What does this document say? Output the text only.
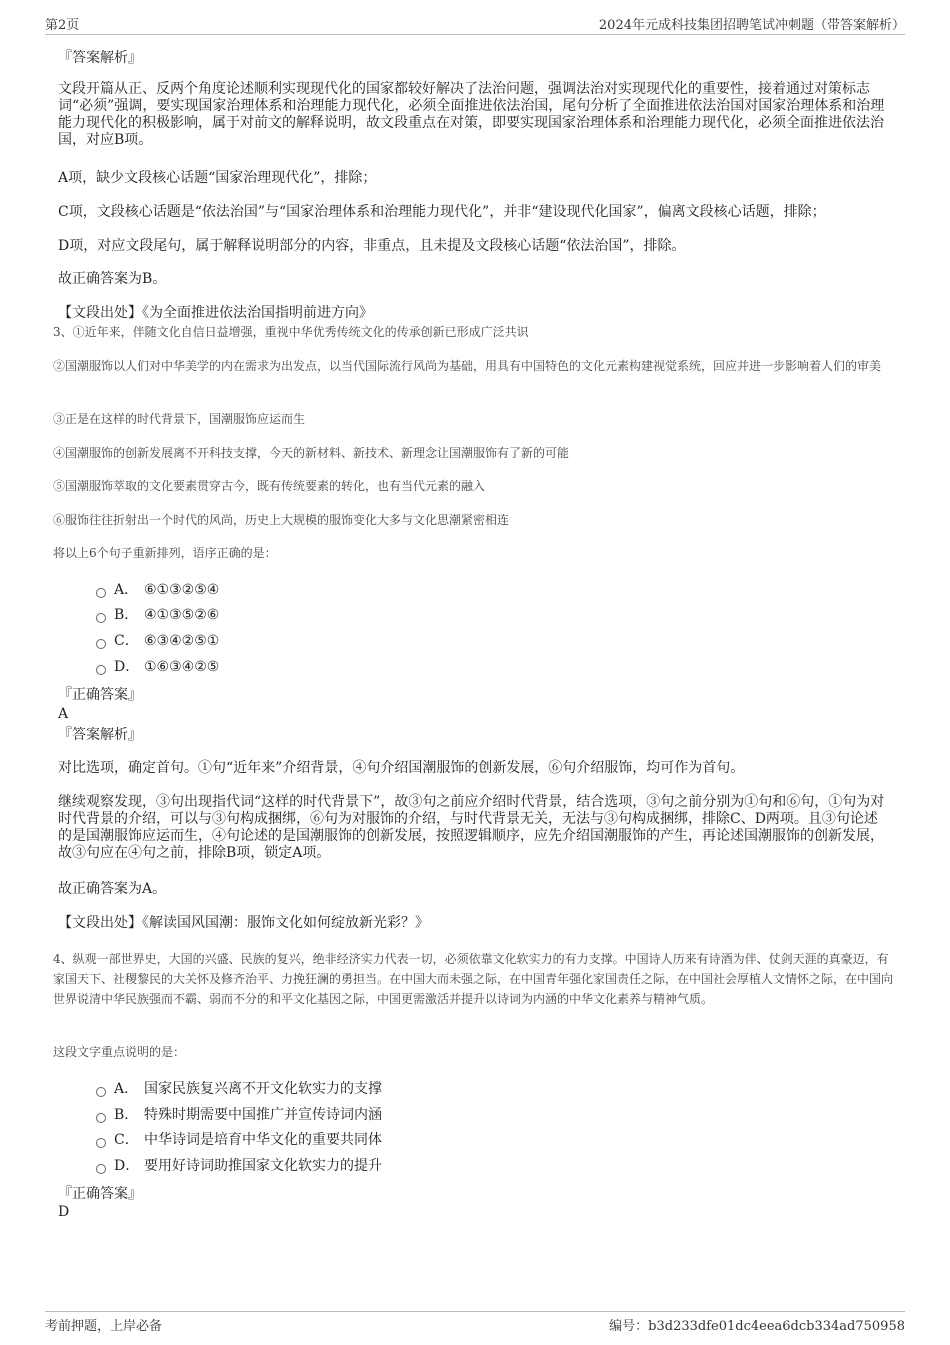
第2页	2024年元成科技集团招聘笔试冲刺题（带答案解析）
『答案解析』
文段开篇从正、反两个角度论述顺利实现现代化的国家都较好解决了法治问题，强调法治对实现现代化的重要性，接着通过对策标志词“必须”强调，要实现国家治理体系和治理能力现代化，必须全面推进依法治国，尾句分析了全面推进依法治国对国家治理体系和治理能力现代化的积极影响，属于对前文的解释说明，故文段重点在对策，即要实现国家治理体系和治理能力现代化，必须全面推进依法治国，对应B项。
A项，缺少文段核心话题“国家治理现代化”，排除；
C项，文段核心话题是“依法治国”与“国家治理体系和治理能力现代化”，并非“建设现代化国家”，偏离文段核心话题，排除；
D项，对应文段尾句，属于解释说明部分的内容，非重点，且未提及文段核心话题“依法治国”，排除。
故正确答案为B。
【文段出处】《为全面推进依法治国指明前进方向》
3、①近年来，伴随文化自信日益增强，重视中华优秀传统文化的传承创新已形成广泛共识
②国潮服饰以人们对中华美学的内在需求为出发点，以当代国际流行风尚为基础，用具有中国特色的文化元素构建视觉系统，回应并进一步影响着人们的审美
③正是在这样的时代背景下，国潮服饰应运而生
④国潮服饰的创新发展离不开科技支撑，今天的新材料、新技术、新理念让国潮服饰有了新的可能
⑤国潮服饰萃取的文化要素贯穿古今，既有传统要素的转化，也有当代元素的融入
⑥服饰往往折射出一个时代的风尚，历史上大规模的服饰变化大多与文化思潮紧密相连
将以上6个句子重新排列，语序正确的是：
A． ⑥①③②⑤④
B． ④①③⑤②⑥
C． ⑥③④②⑤①
D． ①⑥③④②⑤
『正确答案』
A
『答案解析』
对比选项，确定首句。①句“近年来”介绍背景，④句介绍国潮服饰的创新发展，⑥句介绍服饰，均可作为首句。
继续观察发现，③句出现指代词“这样的时代背景下”，故③句之前应介绍时代背景，结合选项，③句之前分别为①句和⑥句，①句为对时代背景的介绍，可以与③句构成捆绑，⑥句为对服饰的介绍，与时代背景无关，无法与③句构成捆绑，排除C、D两项。且③句论述的是国潮服饰应运而生，④句论述的是国潮服饰的创新发展，按照逻辑顺序，应先介绍国潮服饰的产生，再论述国潮服饰的创新发展，故③句应在④句之前，排除B项，锁定A项。
故正确答案为A。
【文段出处】《解读国风国潮：服饰文化如何绽放新光彩？》
4、纵观一部世界史，大国的兴盛、民族的复兴，绝非经济实力代表一切，必须依靠文化软实力的有力支撑。中国诗人历来有诗酒为伴、仗剑天涯的真豪迈，有家国天下、社稷黎民的大关怀及修齐治平、力挽狂澜的勇担当。在中国大而未强之际，在中国青年强化家国责任之际，在中国社会厚植人文情怀之际，在中国向世界说清中华民族强而不霸、弱而不分的和平文化基因之际，中国更需激活并提升以诗词为内涵的中华文化素养与精神气质。
这段文字重点说明的是：
A． 国家民族复兴离不开文化软实力的支撑
B． 特殊时期需要中国推广并宣传诗词内涵
C． 中华诗词是培育中华文化的重要共同体
D． 要用好诗词助推国家文化软实力的提升
『正确答案』
D
考前押题，上岸必备	编号：b3d233dfe01dc4eea6dcb334ad750958
